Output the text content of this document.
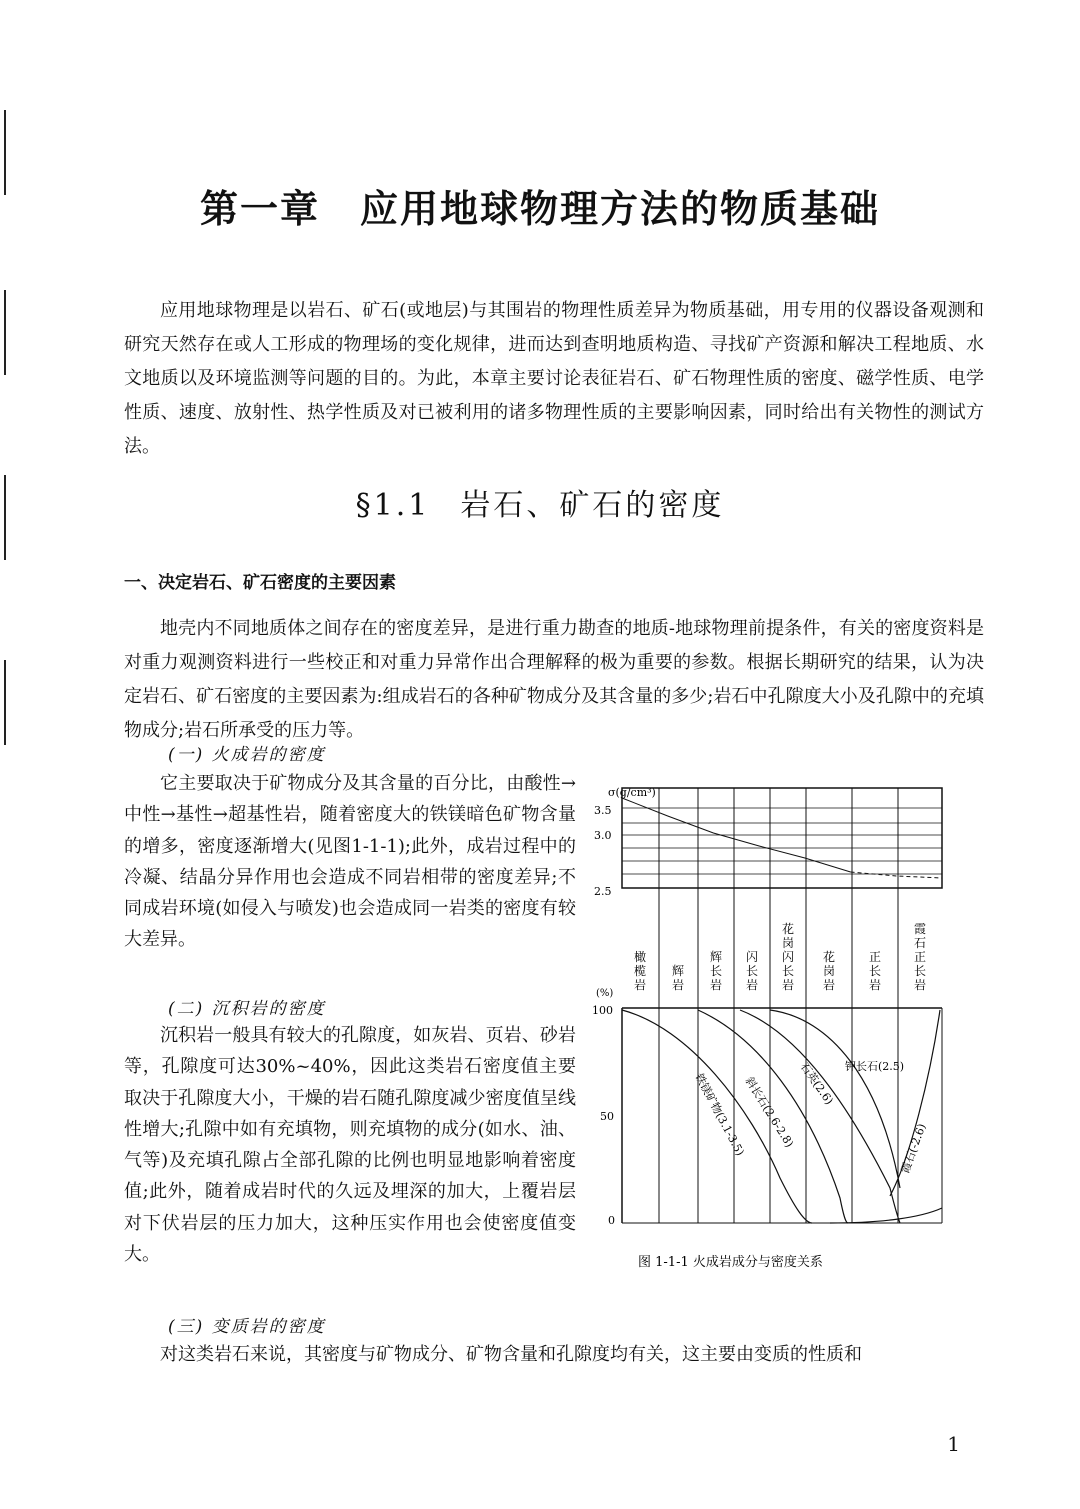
第一章 应用地球物理方法的物质基础

应用地球物理是以岩石、矿石(或地层)与其围岩的物理性质差异为物质基础，用专用的仪器设备观测和研究天然存在或人工形成的物理场的变化规律，进而达到查明地质构造、寻找矿产资源和解决工程地质、水文地质以及环境监测等问题的目的。为此，本章主要讨论表征岩石、矿石物理性质的密度、磁学性质、电学性质、速度、放射性、热学性质及对已被利用的诸多物理性质的主要影响因素，同时给出有关物性的测试方法。

§1.1 岩石、矿石的密度
一、决定岩石、矿石密度的主要因素

地壳内不同地质体之间存在的密度差异，是进行重力勘查的地质-地球物理前提条件，有关的密度资料是对重力观测资料进行一些校正和对重力异常作出合理解释的极为重要的参数。根据长期研究的结果，认为决定岩石、矿石密度的主要因素为:组成岩石的各种矿物成分及其含量的多少;岩石中孔隙度大小及孔隙中的充填物成分;岩石所承受的压力等。

(一) 火成岩的密度

它主要取决于矿物成分及其含量的百分比，由酸性→中性→基性→超基性岩，随着密度大的铁镁暗色矿物含量的增多，密度逐渐增大(见图1-1-1);此外，成岩过程中的冷凝、结晶分异作用也会造成不同岩相带的密度差异;不同成岩环境(如侵入与喷发)也会造成同一岩类的密度有较大差异。

(二) 沉积岩的密度

沉积岩一般具有较大的孔隙度，如灰岩、页岩、砂岩等，孔隙度可达30%~40%，因此这类岩石密度值主要取决于孔隙度大小，干燥的岩石随孔隙度减少密度值呈线性增大;孔隙中如有充填物，则充填物的成分(如水、油、气等)及充填孔隙占全部孔隙的比例也明显地影响着密度值;此外，随着成岩时代的久远及埋深的加大，上覆岩层对下伏岩层的压力加大，这种压实作用也会使密度值变大。

(三) 变质岩的密度

对这类岩石来说，其密度与矿物成分、矿物含量和孔隙度均有关，这主要由变质的性质和

1
σ(g/cm³)
3.5
3.0
2.5
橄榄岩
辉岩
辉长岩
闪长岩
花岗闪长岩
花岗岩
正长岩
霞石正长岩
(%)
100
50
0
钾长石(2.5)
铁镁矿物(3.1-3.5)
斜长石(2.6-2.8) 石英(2.6)
霞石(-2.6)
图 1-1-1 火成岩成分与密度关系
